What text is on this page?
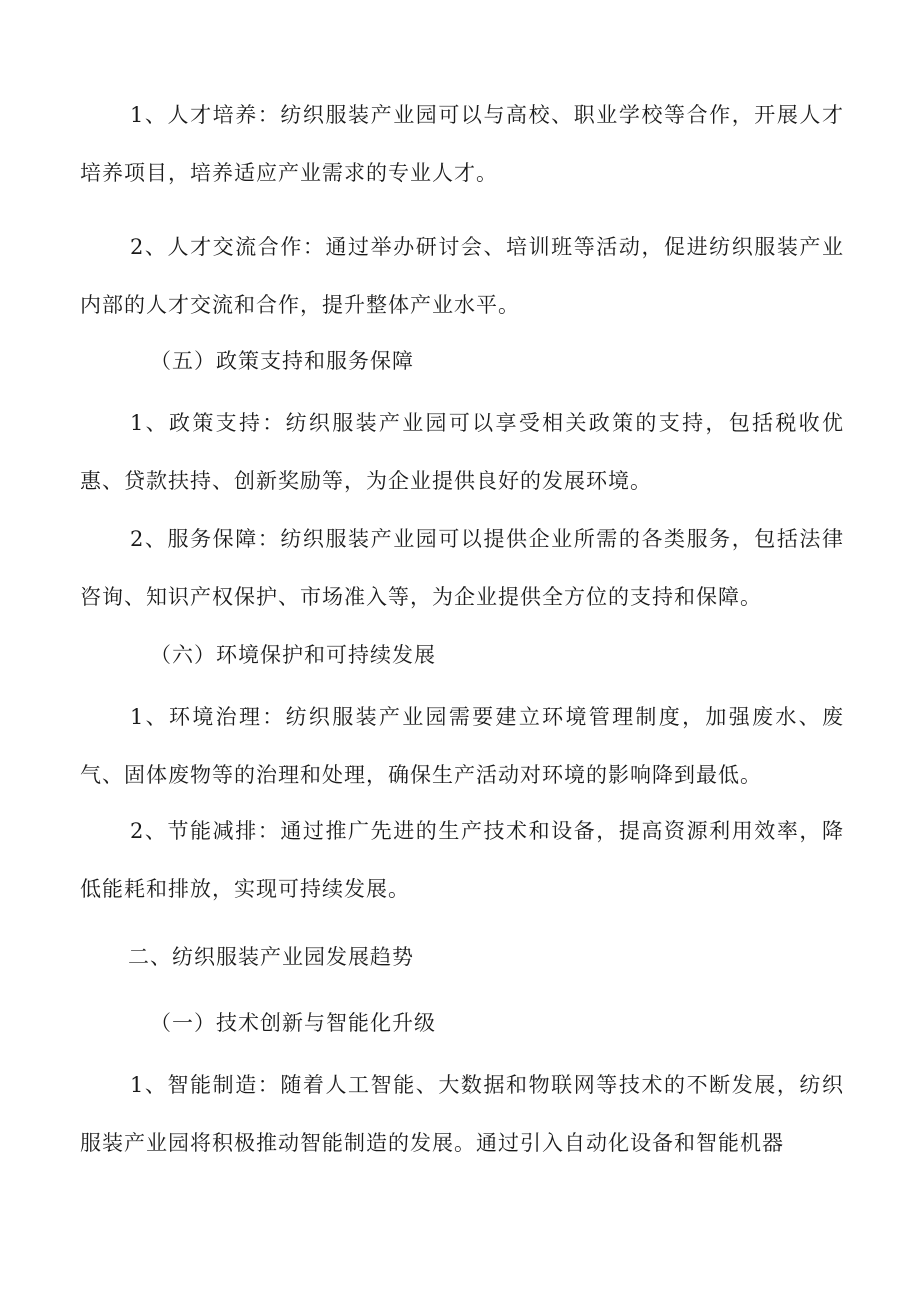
1、人才培养：纺织服装产业园可以与高校、职业学校等合作，开展人才培养项目，培养适应产业需求的专业人才。

2、人才交流合作：通过举办研讨会、培训班等活动，促进纺织服装产业内部的人才交流和合作，提升整体产业水平。

（五）政策支持和服务保障

1、政策支持：纺织服装产业园可以享受相关政策的支持，包括税收优惠、贷款扶持、创新奖励等，为企业提供良好的发展环境。

2、服务保障：纺织服装产业园可以提供企业所需的各类服务，包括法律咨询、知识产权保护、市场准入等，为企业提供全方位的支持和保障。

（六）环境保护和可持续发展

1、环境治理：纺织服装产业园需要建立环境管理制度，加强废水、废气、固体废物等的治理和处理，确保生产活动对环境的影响降到最低。

2、节能减排：通过推广先进的生产技术和设备，提高资源利用效率，降低能耗和排放，实现可持续发展。

二、纺织服装产业园发展趋势

（一）技术创新与智能化升级

1、智能制造：随着人工智能、大数据和物联网等技术的不断发展，纺织服装产业园将积极推动智能制造的发展。通过引入自动化设备和智能机器
